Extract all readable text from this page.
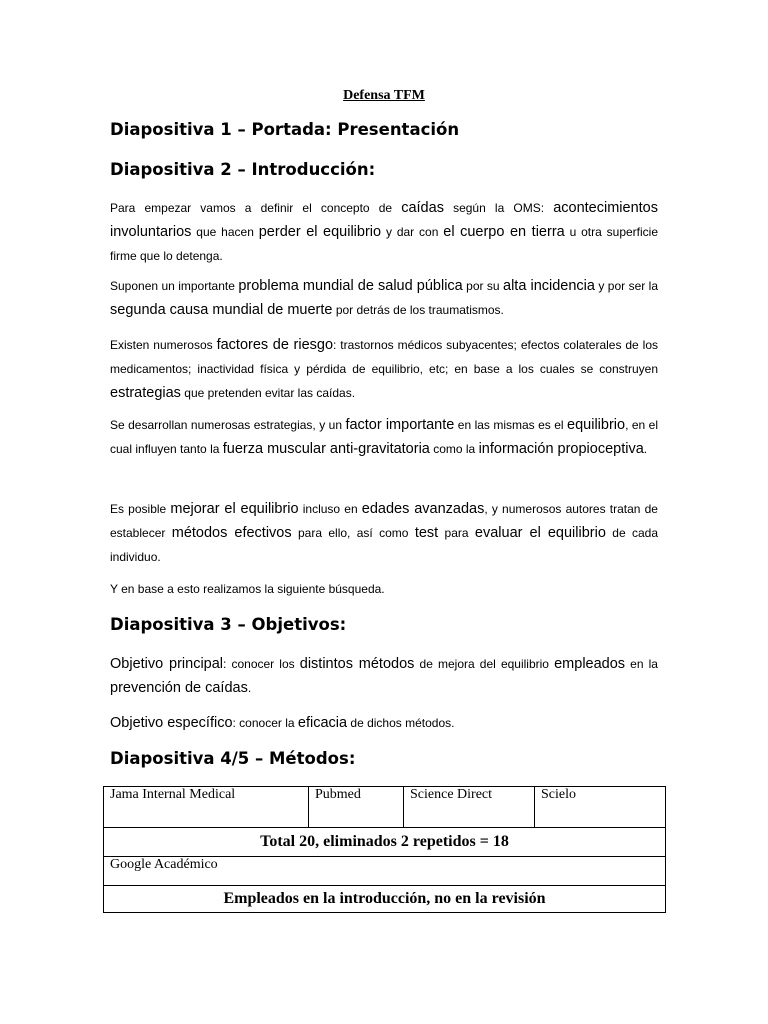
Defensa TFM
Diapositiva 1 – Portada: Presentación
Diapositiva 2 – Introducción:

Para empezar vamos a definir el concepto de caídas según la OMS: acontecimientos involuntarios que hacen perder el equilibrio y dar con el cuerpo en tierra u otra superficie firme que lo detenga.

Suponen un importante problema mundial de salud pública por su alta incidencia y por ser la segunda causa mundial de muerte por detrás de los traumatismos.

Existen numerosos factores de riesgo: trastornos médicos subyacentes; efectos colaterales de los medicamentos; inactividad física y pérdida de equilibrio, etc; en base a los cuales se construyen estrategias que pretenden evitar las caídas.

Se desarrollan numerosas estrategias, y un factor importante en las mismas es el equilibrio, en el cual influyen tanto la fuerza muscular anti-gravitatoria como la información propioceptiva.

Es posible mejorar el equilibrio incluso en edades avanzadas, y numerosos autores tratan de establecer métodos efectivos para ello, así como test para evaluar el equilibrio de cada individuo.

Y en base a esto realizamos la siguiente búsqueda.

Diapositiva 3 – Objetivos:

Objetivo principal: conocer los distintos métodos de mejora del equilibrio empleados en la prevención de caídas.

Objetivo específico: conocer la eficacia de dichos métodos.

Diapositiva 4/5 – Métodos:
Jama Internal Medical	Pubmed	Science Direct	Scielo
Total 20, eliminados 2 repetidos = 18
Google Académico
Empleados en la introducción, no en la revisión
